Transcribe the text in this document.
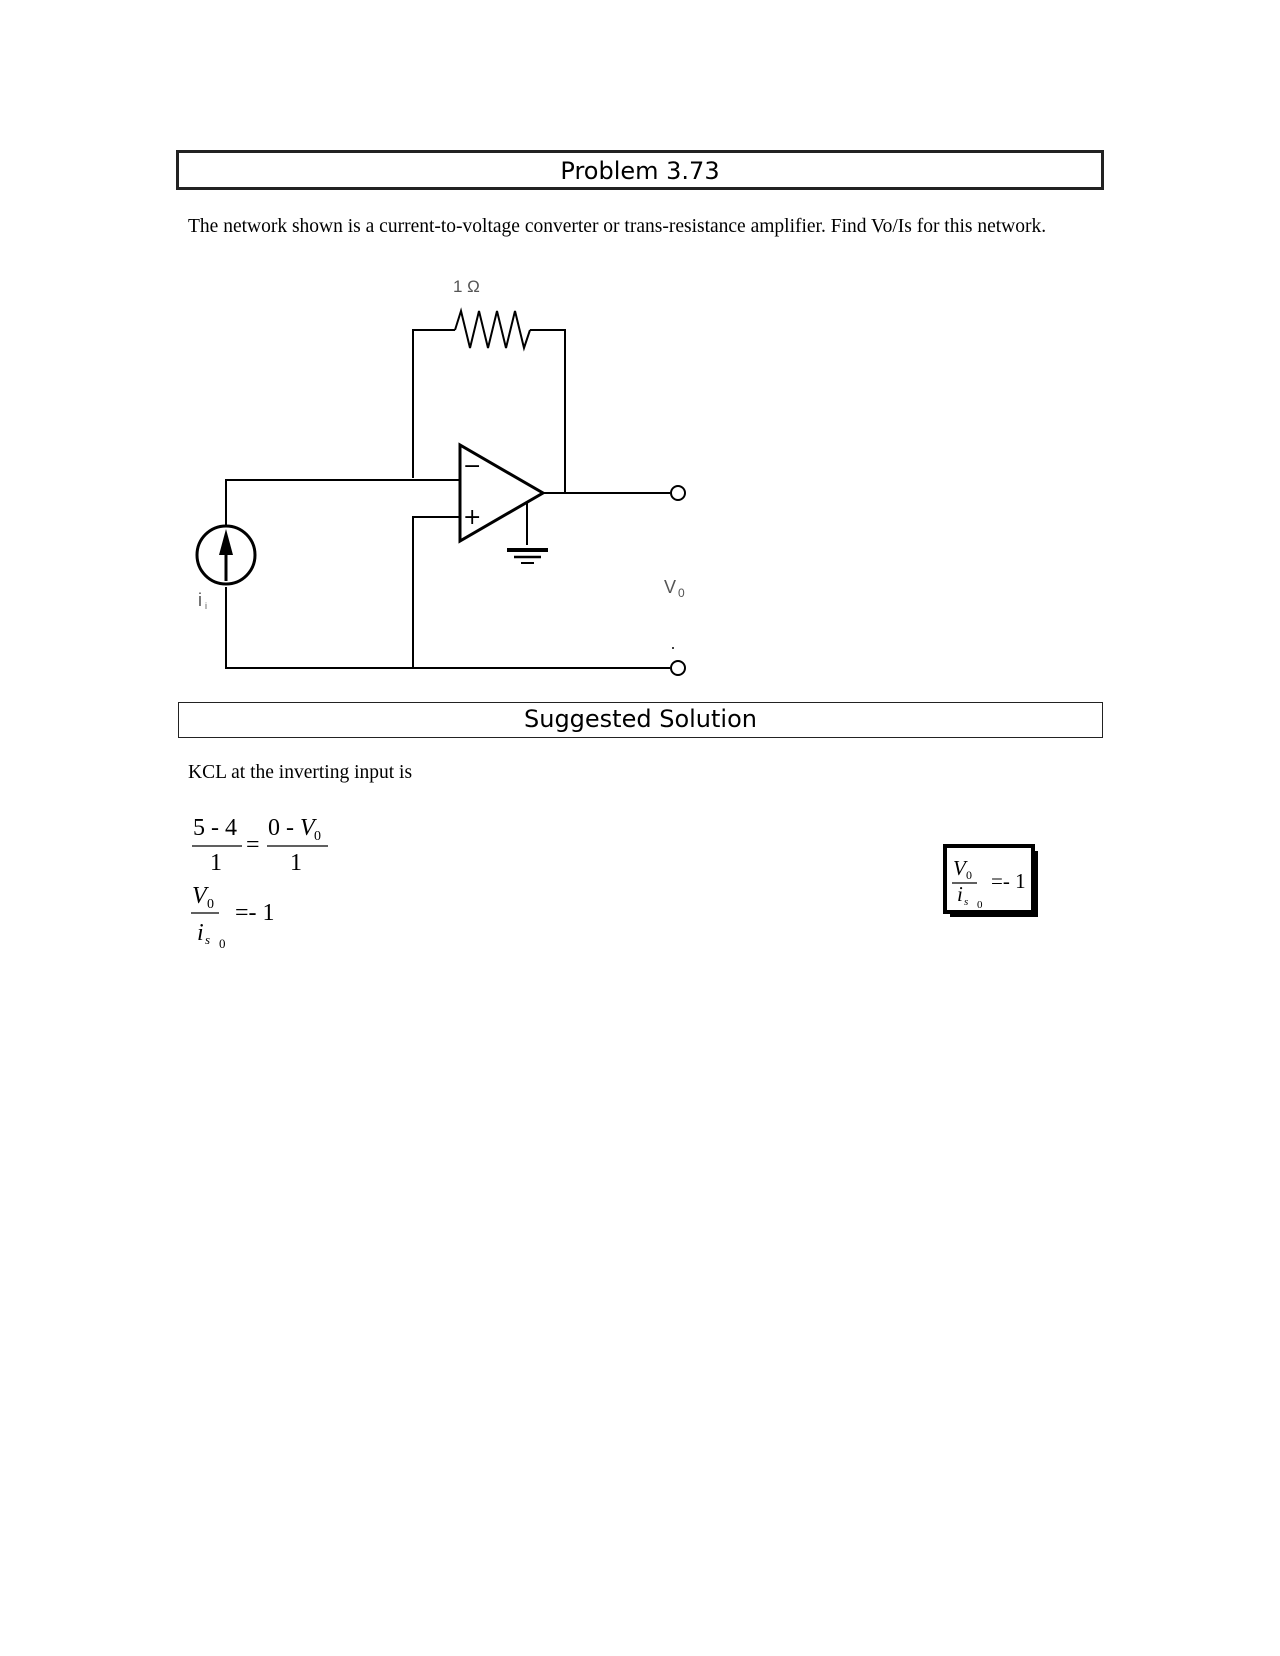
Problem 3.73
The network shown is a current-to-voltage converter or trans-resistance amplifier. Find Vo/Is for this network.
−
+
1 Ω
i i
V 0
Suggested Solution
KCL at the inverting input is
5 - 4
1
=
0 - V 0
1
V 0
i s 0
=- 1
V 0
i s 0
=- 1
